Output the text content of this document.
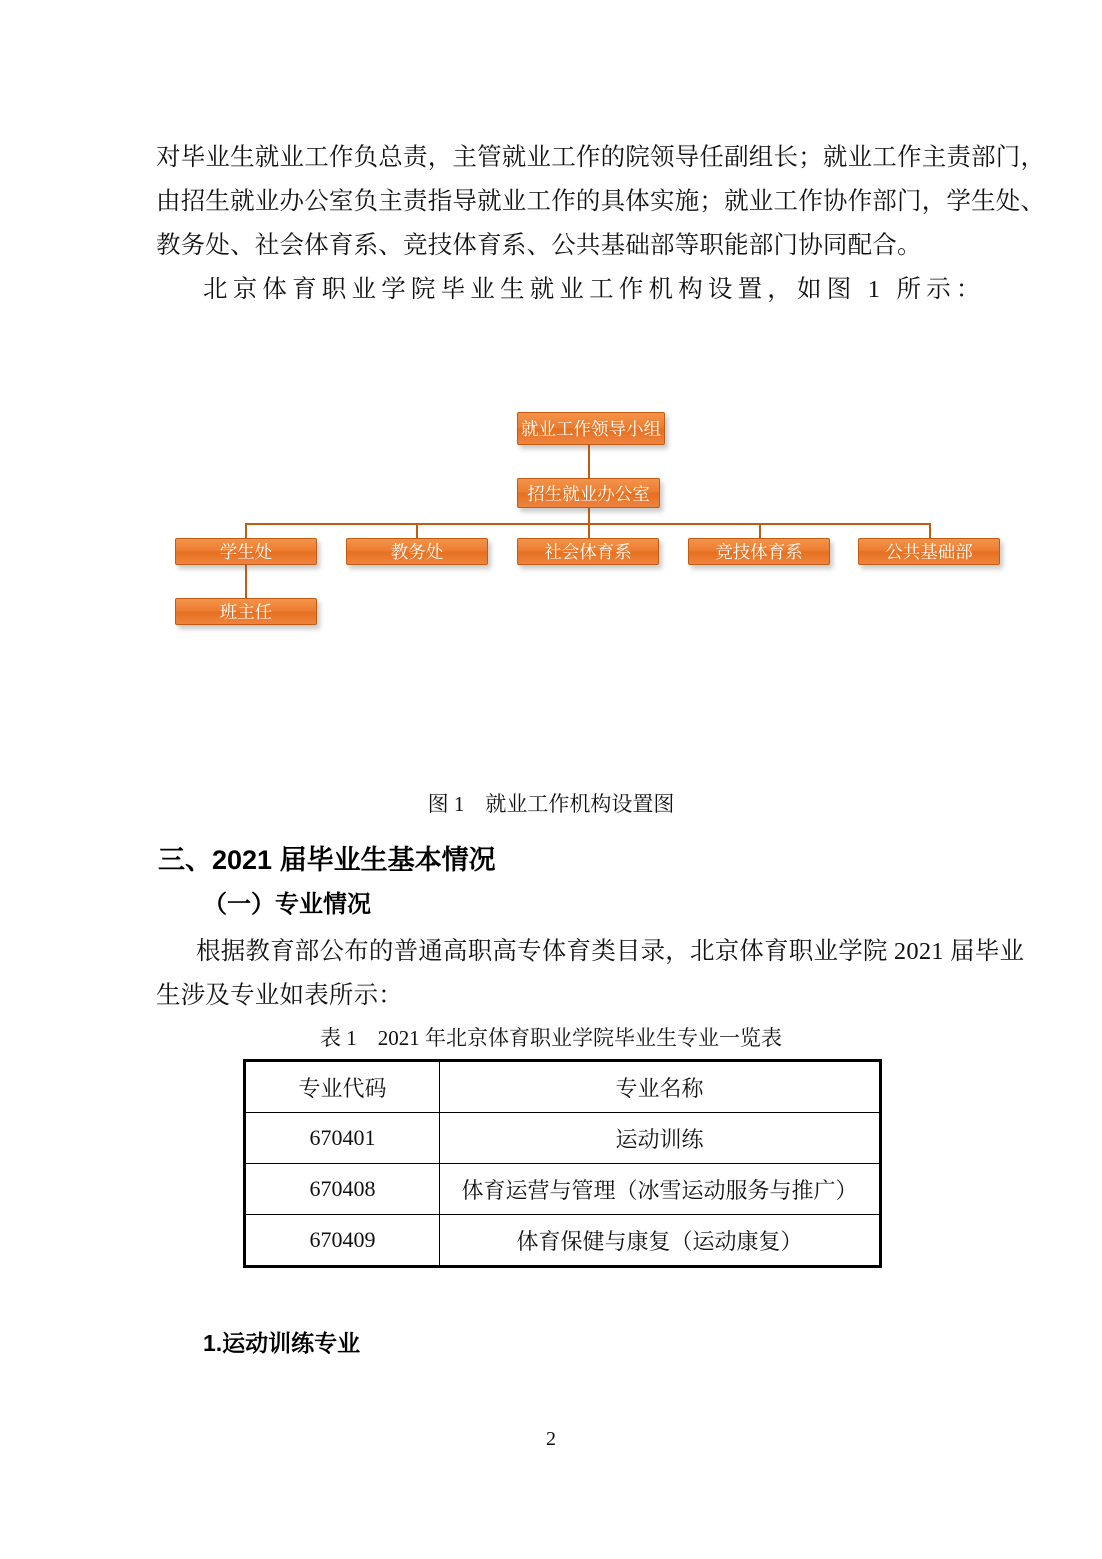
对毕业生就业工作负总责，主管就业工作的院领导任副组长；就业工作主责部门，
由招生就业办公室负主责指导就业工作的具体实施；就业工作协作部门，学生处、
教务处、社会体育系、竞技体育系、公共基础部等职能部门协同配合。
北京体育职业学院毕业生就业工作机构设置，如图 1 所示：
就业工作领导小组
招生就业办公室
学生处	教务处	社会体育系	竞技体育系	公共基础部
班主任
图 1　就业工作机构设置图
三、2021 届毕业生基本情况
（一）专业情况
根据教育部公布的普通高职高专体育类目录，北京体育职业学院 2021 届毕业
生涉及专业如表所示：
表 1　2021 年北京体育职业学院毕业生专业一览表
专业代码	专业名称
670401	运动训练
670408	体育运营与管理（冰雪运动服务与推广）
670409	体育保健与康复（运动康复）
1.运动训练专业
2
